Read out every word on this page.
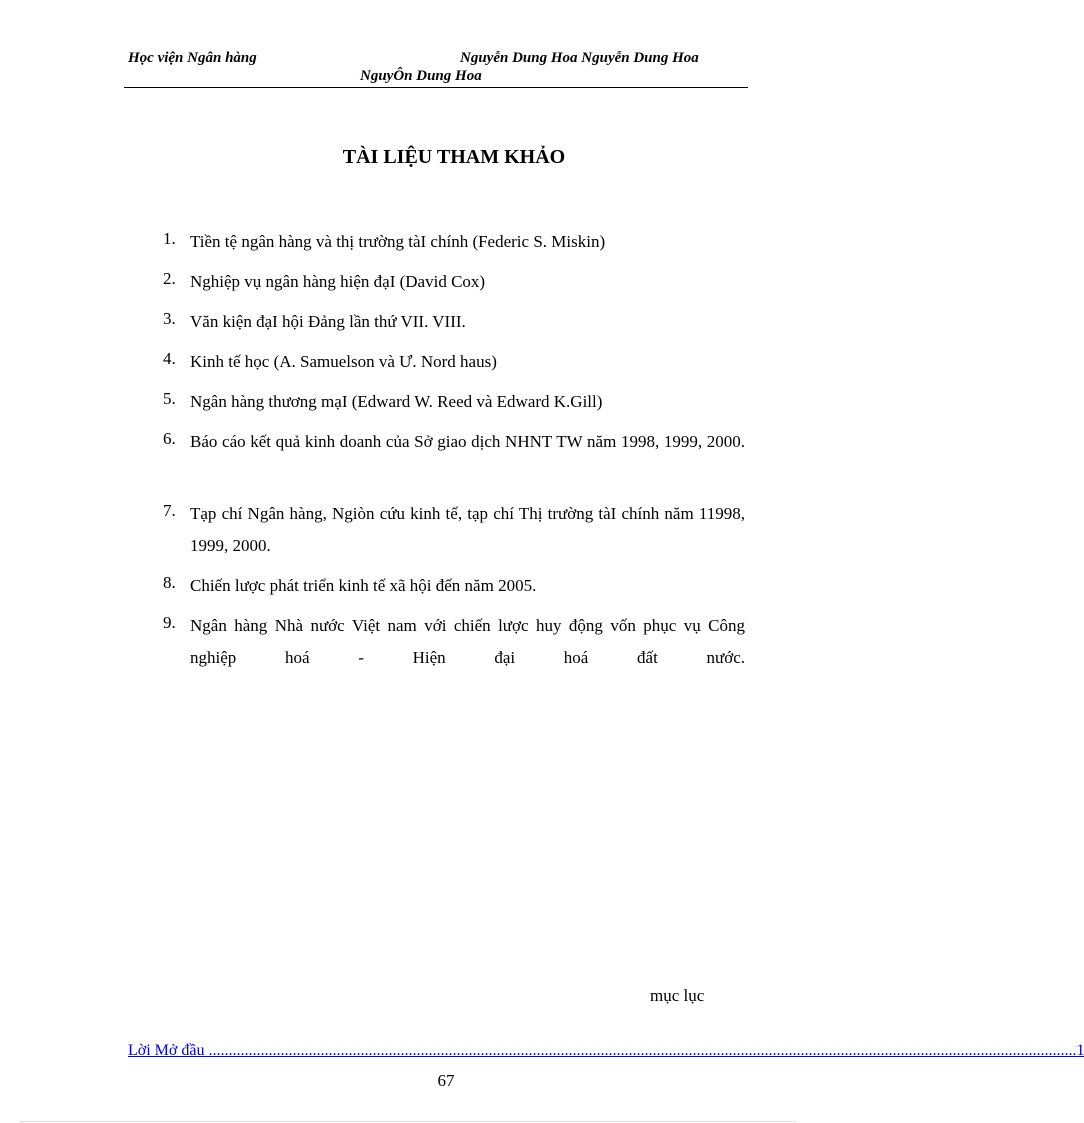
Học viện Ngân hàng	Nguyễn Dung Hoa Nguyễn Dung Hoa
NguyÔn Dung Hoa
TÀI LIỆU THAM KHẢO
1. Tiền tệ ngân hàng và thị trường tàI chính (Federic S. Miskin)
2. Nghiệp vụ ngân hàng hiện đạI (David Cox)
3. Văn kiện đạI hội Đảng lần thứ VII. VIII.
4. Kinh tế học (A. Samuelson và Ư. Nord haus)
5. Ngân hàng thương mạI (Edward W. Reed và Edward K.Gill)
6. Báo cáo kết quả kinh doanh của Sở giao dịch NHNT TW năm 1998, 1999, 2000.
7. Tạp chí Ngân hàng, Ngiòn cứu kinh tế, tạp chí Thị trường tàI chính năm 11998, 1999, 2000.
8. Chiến lược phát triển kinh tế xã hội đến năm 2005.
9. Ngân hàng Nhà nước Việt nam với chiến lược huy động vốn phục vụ Công nghiệp hoá - Hiện đại hoá đất nước.
mục lục
Lời Mở đầu ......................................................................................................................................................................................................................... 1
67
